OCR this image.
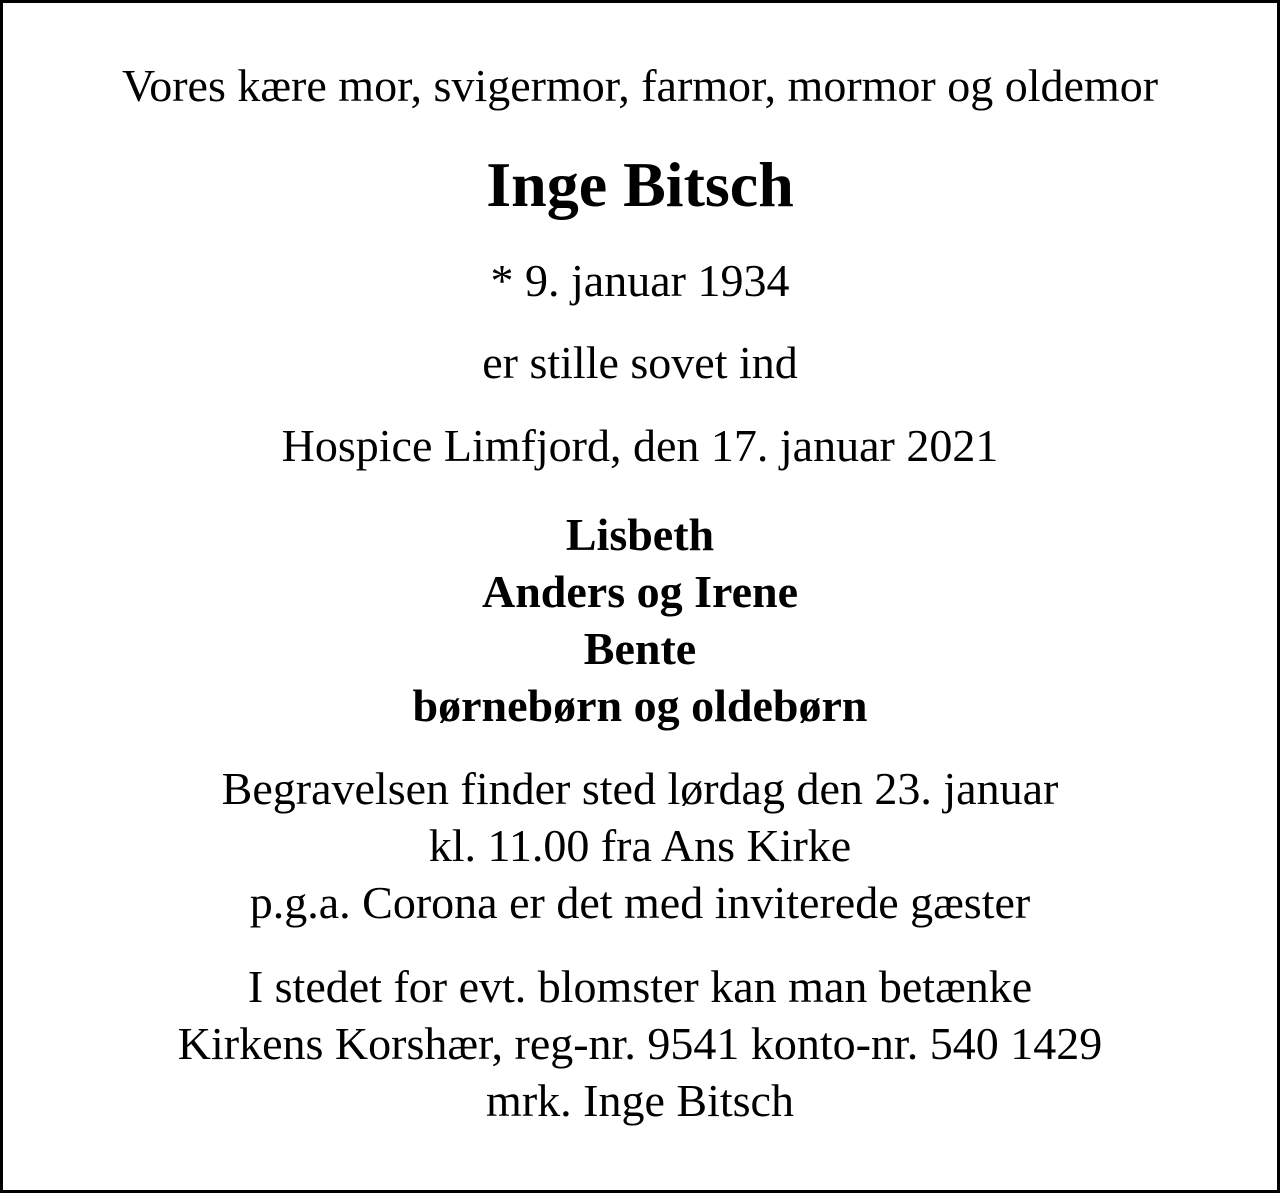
Vores kære mor, svigermor, farmor, mormor og oldemor
Inge Bitsch
* 9. januar 1934
er stille sovet ind
Hospice Limfjord, den 17. januar 2021
Lisbeth
Anders og Irene
Bente
børnebørn og oldebørn
Begravelsen finder sted lørdag den 23. januar
kl. 11.00 fra Ans Kirke
p.g.a. Corona er det med inviterede gæster
I stedet for evt. blomster kan man betænke
Kirkens Korshær, reg-nr. 9541 konto-nr. 540 1429
mrk. Inge Bitsch
